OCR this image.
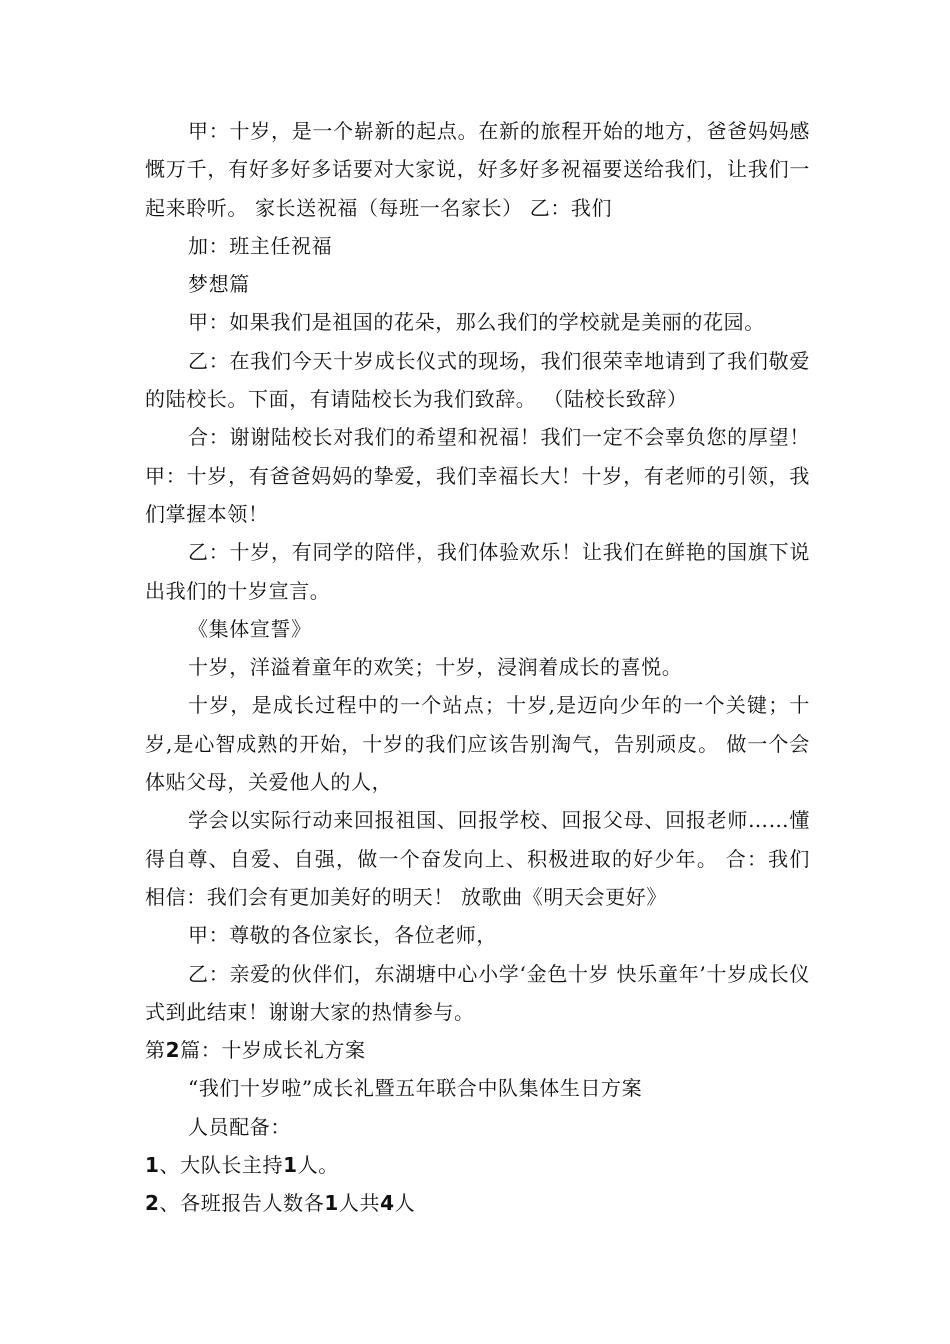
甲：十岁，是一个崭新的起点。在新的旅程开始的地方，爸爸妈妈感慨万千，有好多好多话要对大家说，好多好多祝福要送给我们，让我们一起来聆听。 家长送祝福（每班一名家长） 乙：我们

加：班主任祝福

梦想篇

甲：如果我们是祖国的花朵，那么我们的学校就是美丽的花园。

乙：在我们今天十岁成长仪式的现场，我们很荣幸地请到了我们敬爱的陆校长。下面，有请陆校长为我们致辞。 （陆校长致辞）

合：谢谢陆校长对我们的希望和祝福！我们一定不会辜负您的厚望！ 甲：十岁，有爸爸妈妈的挚爱，我们幸福长大！十岁，有老师的引领，我们掌握本领！

乙：十岁，有同学的陪伴，我们体验欢乐！让我们在鲜艳的国旗下说出我们的十岁宣言。

《集体宣誓》

十岁，洋溢着童年的欢笑；十岁，浸润着成长的喜悦。

十岁，是成长过程中的一个站点；十岁,是迈向少年的一个关键；十岁,是心智成熟的开始，十岁的我们应该告别淘气，告别顽皮。 做一个会体贴父母，关爱他人的人，

学会以实际行动来回报祖国、回报学校、回报父母、回报老师……懂得自尊、自爱、自强，做一个奋发向上、积极进取的好少年。 合：我们相信：我们会有更加美好的明天！ 放歌曲《明天会更好》

甲：尊敬的各位家长，各位老师，

乙：亲爱的伙伴们，东湖塘中心小学‘金色十岁 快乐童年’十岁成长仪式到此结束！谢谢大家的热情参与。

第2篇：十岁成长礼方案

“我们十岁啦”成长礼暨五年联合中队集体生日方案

人员配备：

1、大队长主持1人。

2、各班报告人数各1人共4人
